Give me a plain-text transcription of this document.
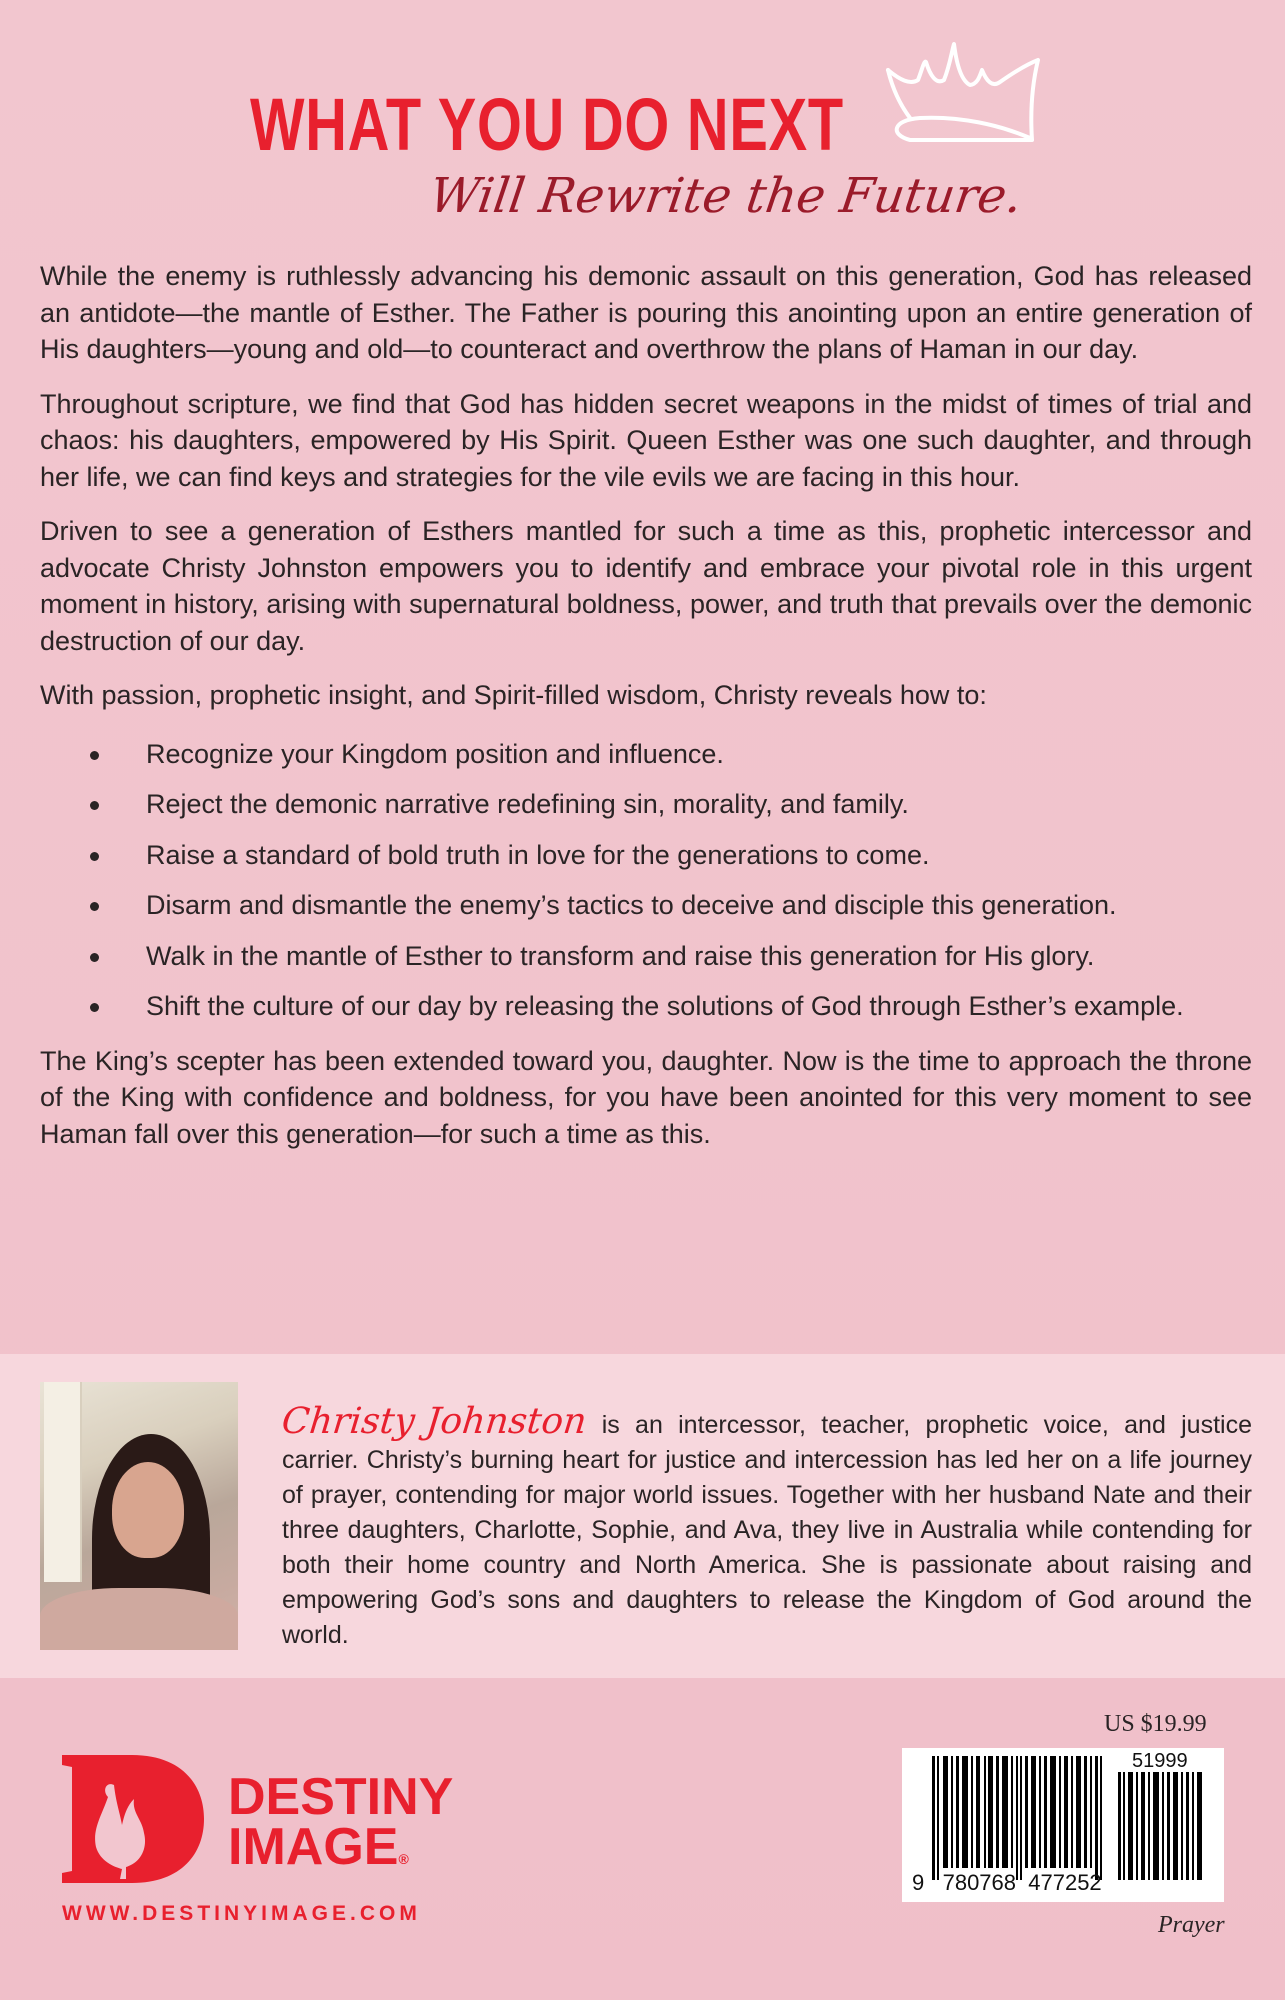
WHAT YOU DO NEXT
Will Rewrite the Future.

While the enemy is ruthlessly advancing his demonic assault on this generation, God has released an antidote—the mantle of Esther. The Father is pouring this anointing upon an entire generation of His daughters—young and old—to counteract and overthrow the plans of Haman in our day.

Throughout scripture, we find that God has hidden secret weapons in the midst of times of trial and chaos: his daughters, empowered by His Spirit. Queen Esther was one such daughter, and through her life, we can find keys and strategies for the vile evils we are facing in this hour.

Driven to see a generation of Esthers mantled for such a time as this, prophetic intercessor and advocate Christy Johnston empowers you to identify and embrace your pivotal role in this urgent moment in history, arising with supernatural boldness, power, and truth that prevails over the demonic destruction of our day.

With passion, prophetic insight, and Spirit-filled wisdom, Christy reveals how to:

Recognize your Kingdom position and influence.
Reject the demonic narrative redefining sin, morality, and family.
Raise a standard of bold truth in love for the generations to come.
Disarm and dismantle the enemy’s tactics to deceive and disciple this generation.
Walk in the mantle of Esther to transform and raise this generation for His glory.
Shift the culture of our day by releasing the solutions of God through Esther’s example.

The King’s scepter has been extended toward you, daughter. Now is the time to approach the throne of the King with confidence and boldness, for you have been anointed for this very moment to see Haman fall over this generation—for such a time as this.

Christy Johnston is an intercessor, teacher, prophetic voice, and justice carrier. Christy’s burning heart for justice and intercession has led her on a life journey of prayer, contending for major world issues. Together with her husband Nate and their three daughters, Charlotte, Sophie, and Ava, they live in Australia while contending for both their home country and North America. She is passionate about raising and empowering God’s sons and daughters to release the Kingdom of God around the world.
DESTINY
IMAGE®
WWW.DESTINYIMAGE.COM
US $19.99
51999
9 780768 477252
Prayer
